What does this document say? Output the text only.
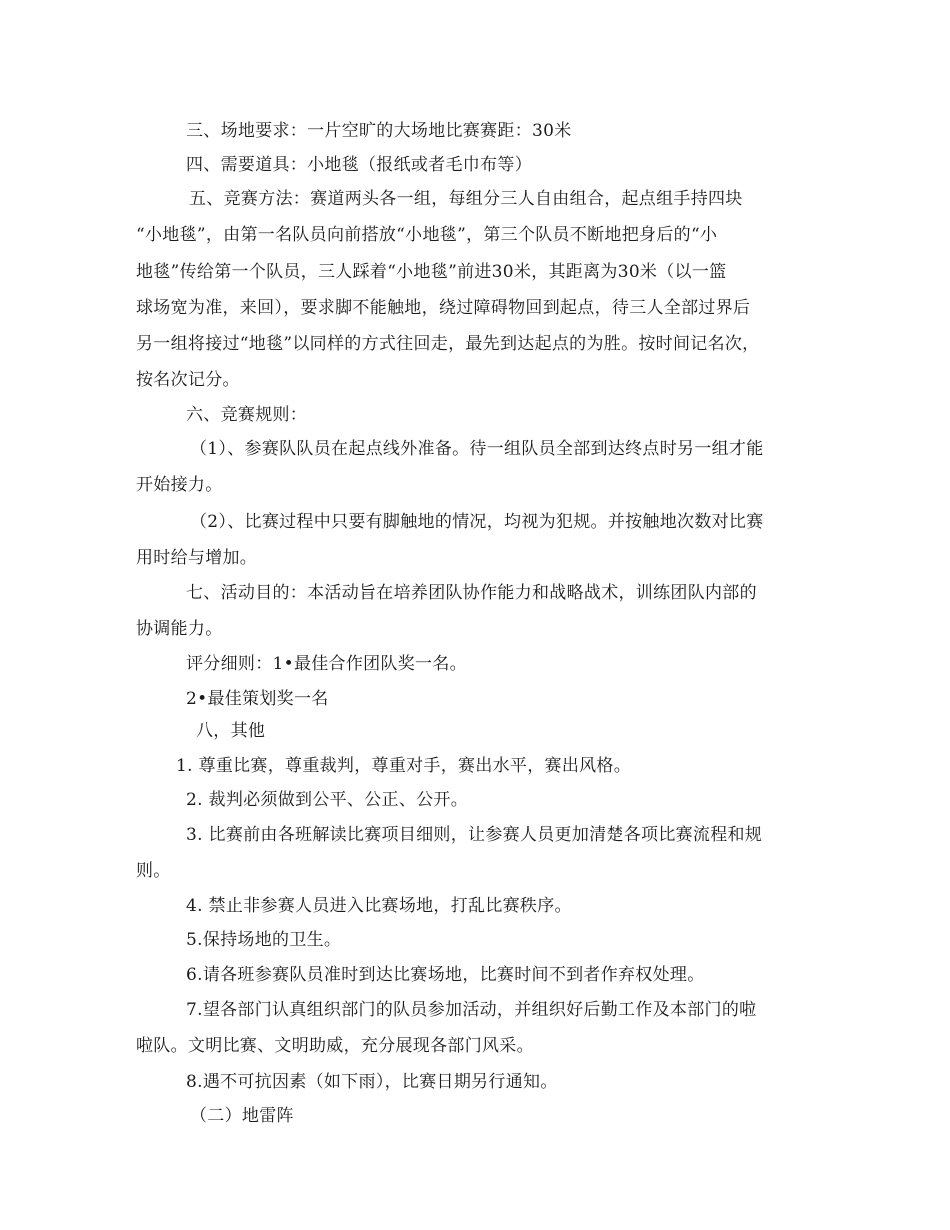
三、场地要求：一片空旷的大场地比赛赛距：30米
四、需要道具：小地毯（报纸或者毛巾布等）
五、竞赛方法：赛道两头各一组，每组分三人自由组合，起点组手持四块
“小地毯”，由第一名队员向前搭放“小地毯”，第三个队员不断地把身后的“小
地毯”传给第一个队员，三人踩着“小地毯”前进30米，其距离为30米（以一篮
球场宽为准，来回），要求脚不能触地，绕过障碍物回到起点，待三人全部过界后
另一组将接过“地毯”以同样的方式往回走，最先到达起点的为胜。按时间记名次，
按名次记分。
六、竞赛规则：
（1）、参赛队队员在起点线外准备。待一组队员全部到达终点时另一组才能
开始接力。
（2）、比赛过程中只要有脚触地的情况，均视为犯规。并按触地次数对比赛
用时给与增加。
七、活动目的：本活动旨在培养团队协作能力和战略战术，训练团队内部的
协调能力。
评分细则：1•最佳合作团队奖一名。
2•最佳策划奖一名
八，其他
1. 尊重比赛，尊重裁判，尊重对手，赛出水平，赛出风格。
2. 裁判必须做到公平、公正、公开。
3. 比赛前由各班解读比赛项目细则，让参赛人员更加清楚各项比赛流程和规
则。
4. 禁止非参赛人员进入比赛场地，打乱比赛秩序。
5.保持场地的卫生。
6.请各班参赛队员准时到达比赛场地，比赛时间不到者作弃权处理。
7.望各部门认真组织部门的队员参加活动，并组织好后勤工作及本部门的啦
啦队。文明比赛、文明助威，充分展现各部门风采。
8.遇不可抗因素（如下雨），比赛日期另行通知。
（二）地雷阵
